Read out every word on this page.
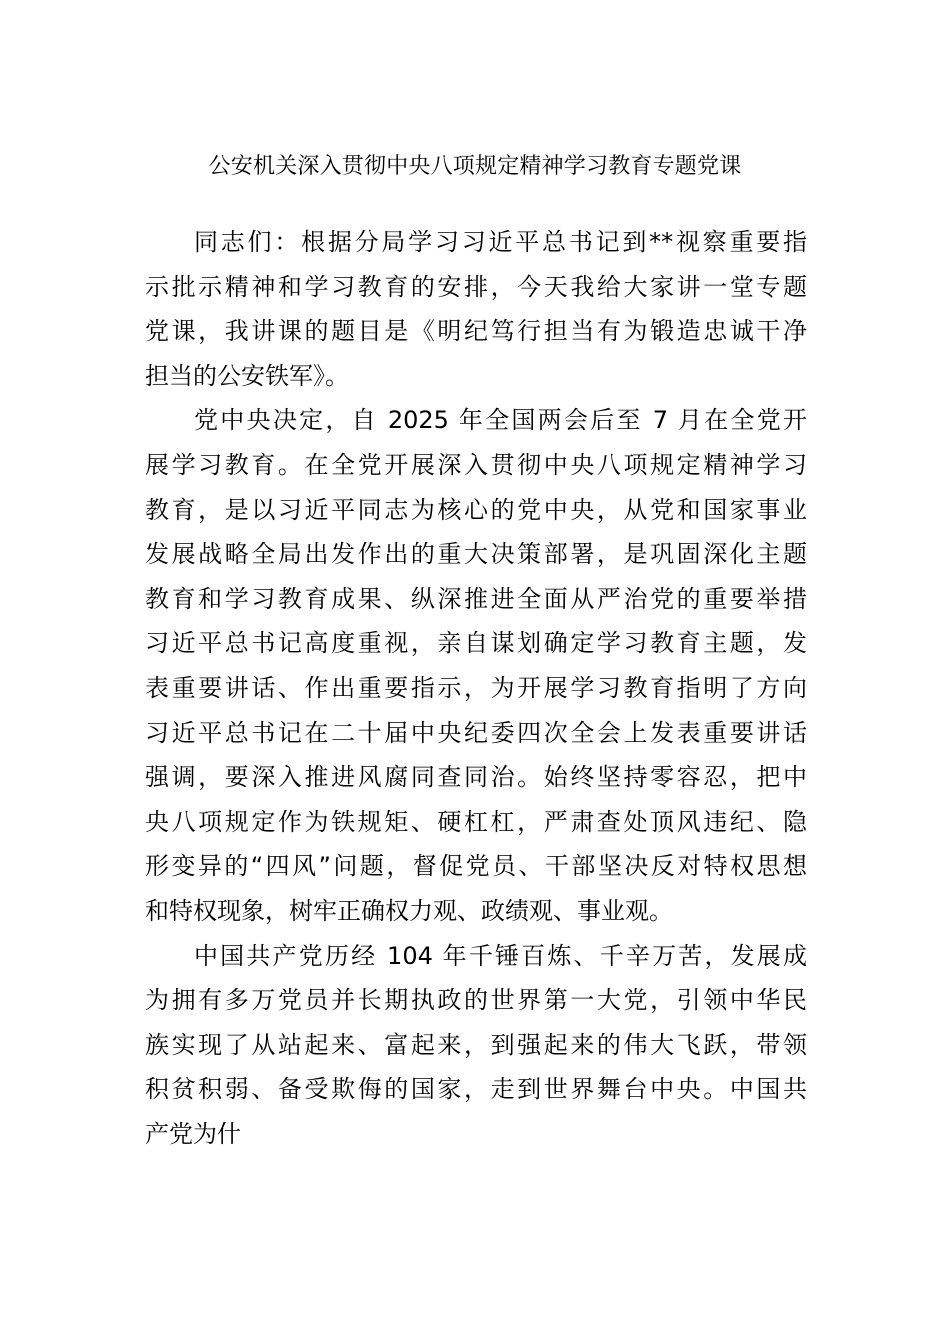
公安机关深入贯彻中央八项规定精神学习教育专题党课
同志们：根据分局学习习近平总书记到**视察重要指
示批示精神和学习教育的安排，今天我给大家讲一堂专题
党课，我讲课的题目是《明纪笃行担当有为锻造忠诚干净
担当的公安铁军》。
党中央决定，自 2025 年全国两会后至 7 月在全党开
展学习教育。在全党开展深入贯彻中央八项规定精神学习
教育，是以习近平同志为核心的党中央，从党和国家事业
发展战略全局出发作出的重大决策部署，是巩固深化主题
教育和学习教育成果、纵深推进全面从严治党的重要举措
习近平总书记高度重视，亲自谋划确定学习教育主题，发
表重要讲话、作出重要指示，为开展学习教育指明了方向
习近平总书记在二十届中央纪委四次全会上发表重要讲话
强调，要深入推进风腐同查同治。始终坚持零容忍，把中
央八项规定作为铁规矩、硬杠杠，严肃查处顶风违纪、隐
形变异的“四风”问题，督促党员、干部坚决反对特权思想
和特权现象，树牢正确权力观、政绩观、事业观。
中国共产党历经 104 年千锤百炼、千辛万苦，发展成
为拥有多万党员并长期执政的世界第一大党，引领中华民
族实现了从站起来、富起来，到强起来的伟大飞跃，带领
积贫积弱、备受欺侮的国家，走到世界舞台中央。中国共
产党为什
